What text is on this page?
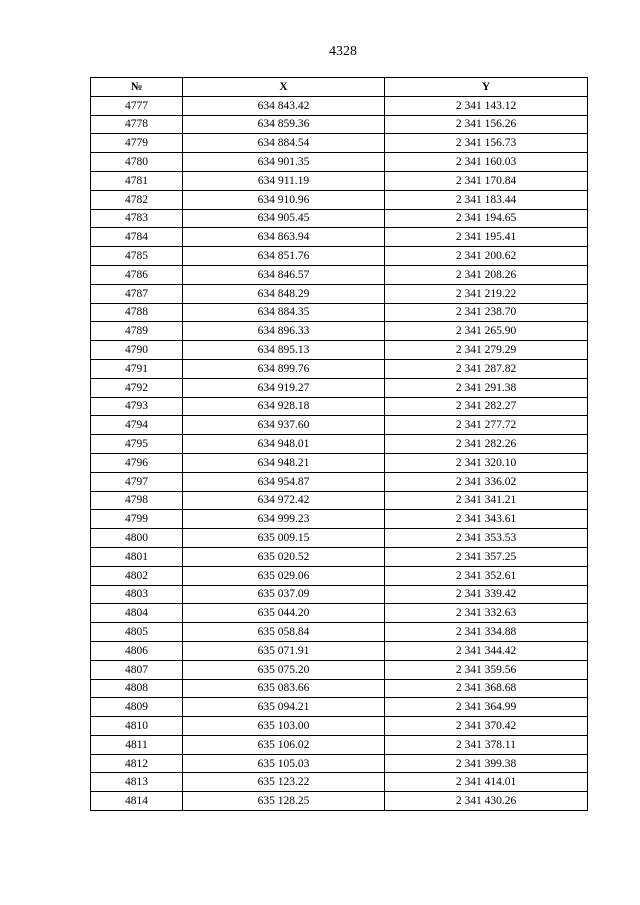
4328
№	X	Y
4777	634 843.42	2 341 143.12
4778	634 859.36	2 341 156.26
4779	634 884.54	2 341 156.73
4780	634 901.35	2 341 160.03
4781	634 911.19	2 341 170.84
4782	634 910.96	2 341 183.44
4783	634 905.45	2 341 194.65
4784	634 863.94	2 341 195.41
4785	634 851.76	2 341 200.62
4786	634 846.57	2 341 208.26
4787	634 848.29	2 341 219.22
4788	634 884.35	2 341 238.70
4789	634 896.33	2 341 265.90
4790	634 895.13	2 341 279.29
4791	634 899.76	2 341 287.82
4792	634 919.27	2 341 291.38
4793	634 928.18	2 341 282.27
4794	634 937.60	2 341 277.72
4795	634 948.01	2 341 282.26
4796	634 948.21	2 341 320.10
4797	634 954.87	2 341 336.02
4798	634 972.42	2 341 341.21
4799	634 999.23	2 341 343.61
4800	635 009.15	2 341 353.53
4801	635 020.52	2 341 357.25
4802	635 029.06	2 341 352.61
4803	635 037.09	2 341 339.42
4804	635 044.20	2 341 332.63
4805	635 058.84	2 341 334.88
4806	635 071.91	2 341 344.42
4807	635 075.20	2 341 359.56
4808	635 083.66	2 341 368.68
4809	635 094.21	2 341 364.99
4810	635 103.00	2 341 370.42
4811	635 106.02	2 341 378.11
4812	635 105.03	2 341 399.38
4813	635 123.22	2 341 414.01
4814	635 128.25	2 341 430.26
